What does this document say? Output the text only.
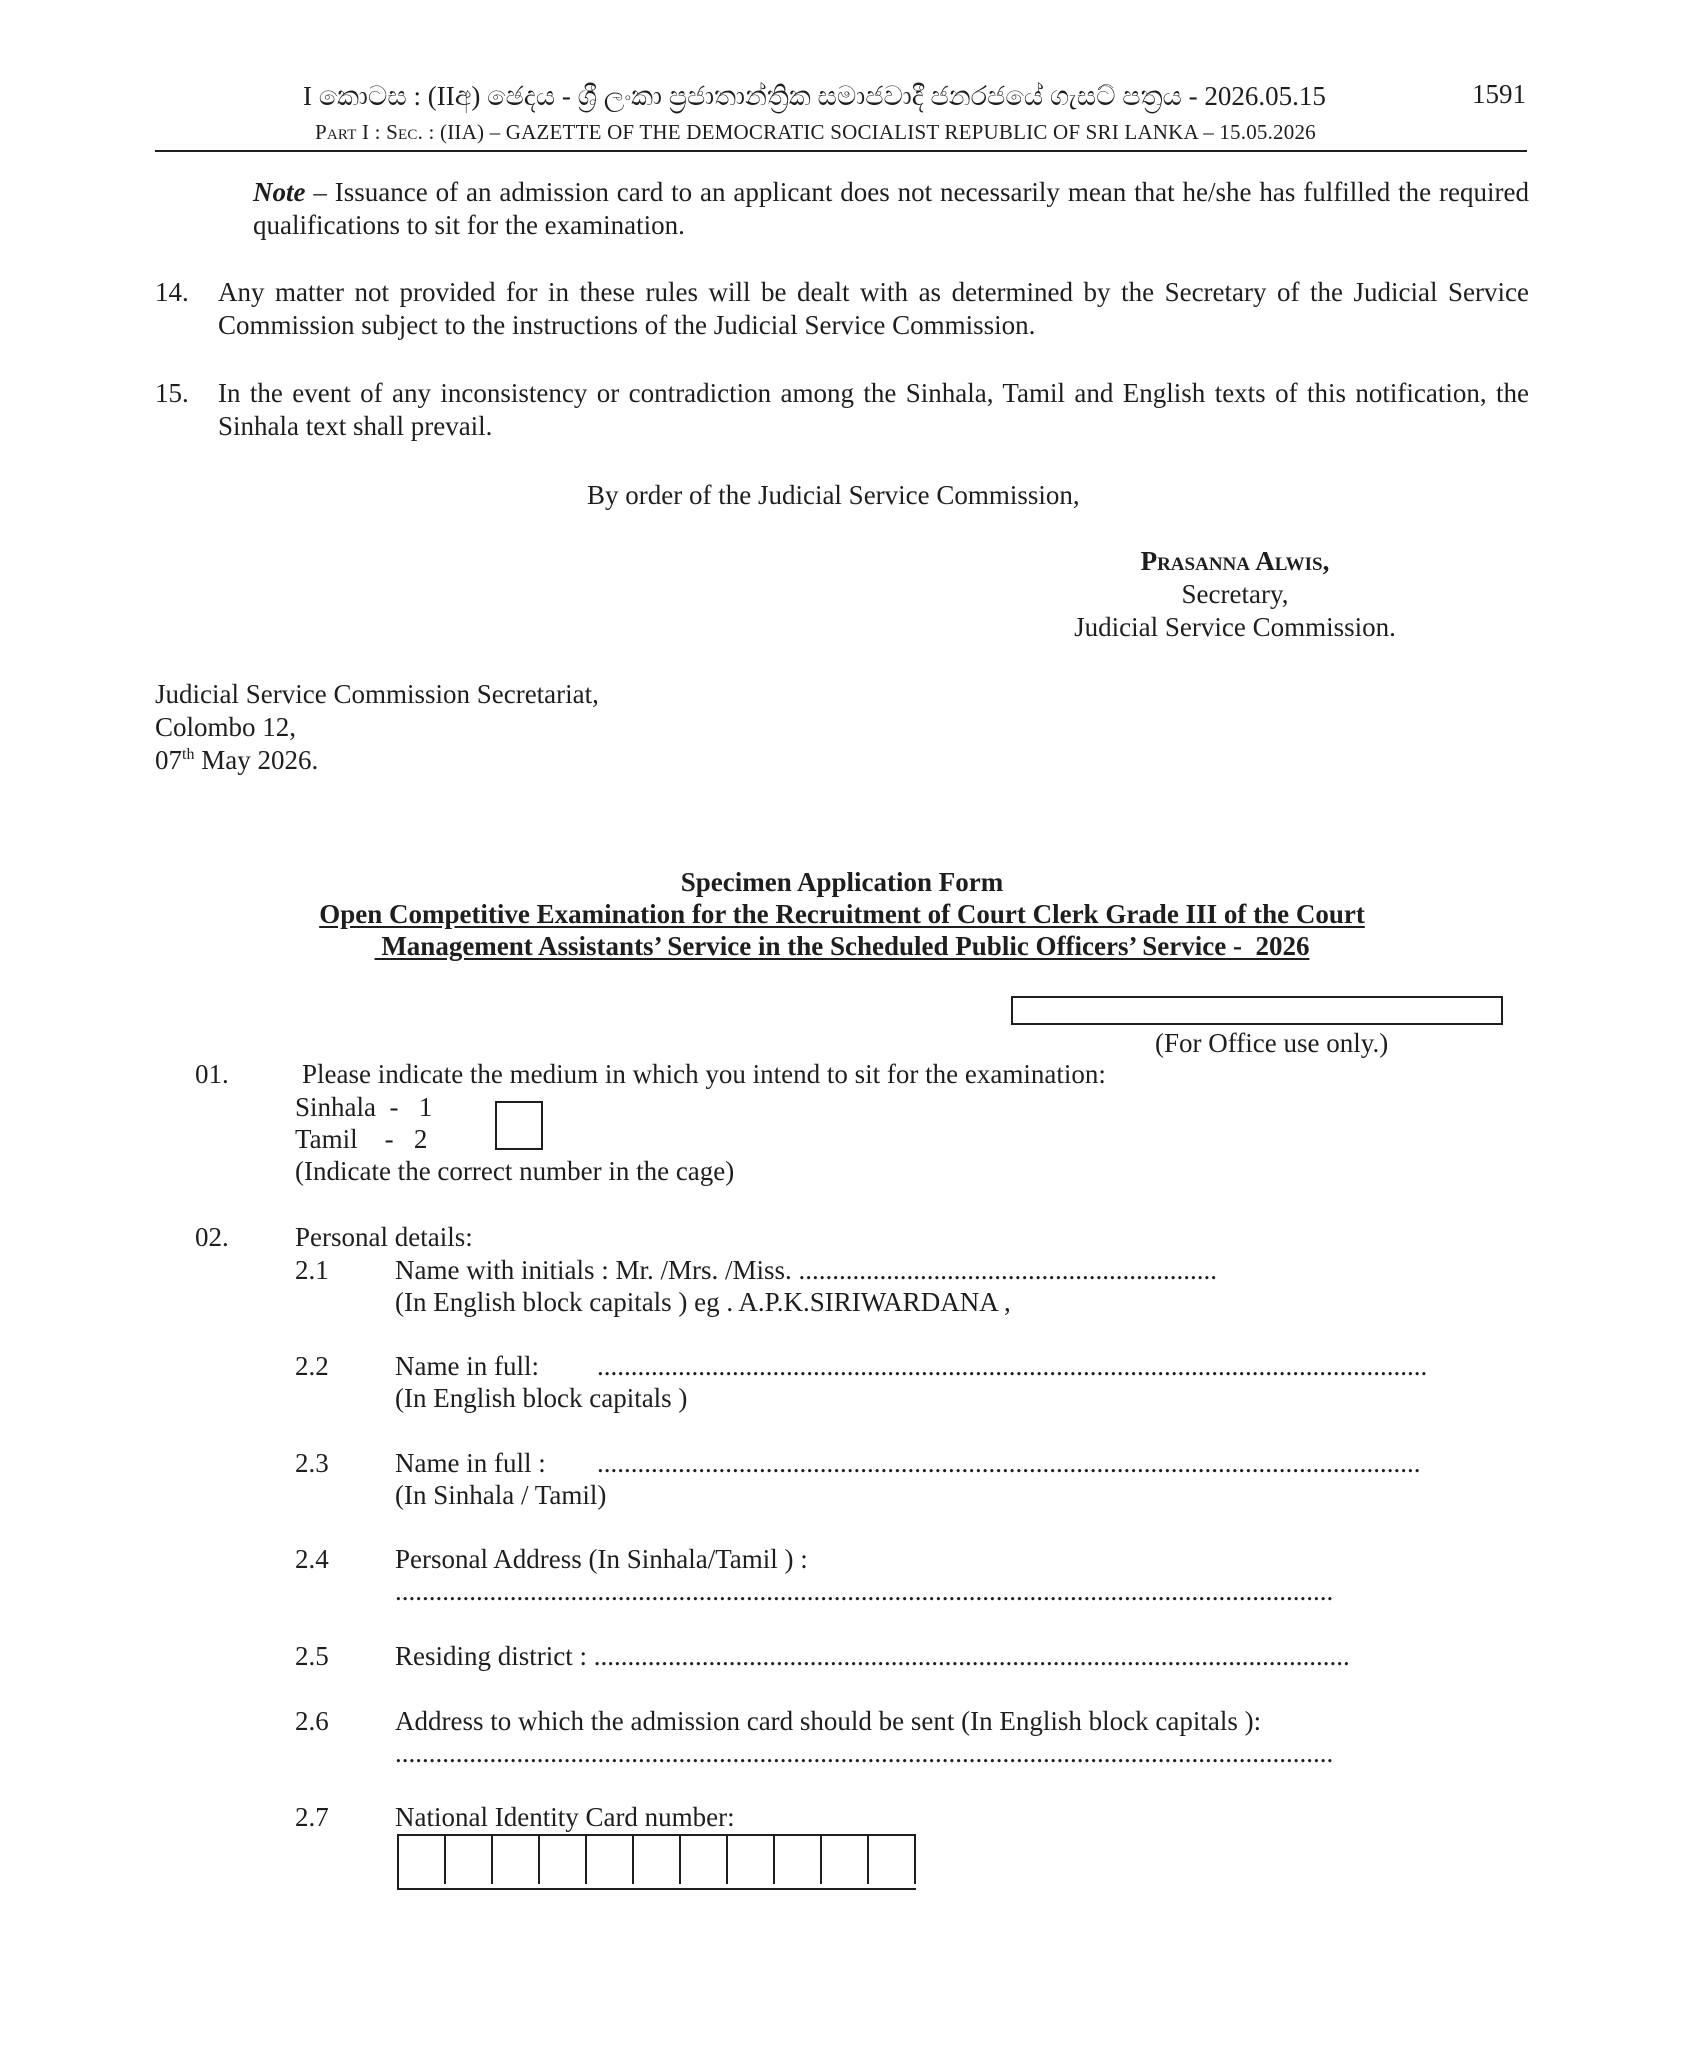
I කොටස : (IIඅ) ඡෙදය - ශ්‍රී ලංකා ප්‍රජාතාන්ත්‍රික සමාජවාදී ජනරජයේ ගැසට් පත්‍රය - 2026.05.15	1591
Part I : Sec. : (IIA) – GAZETTE OF THE DEMOCRATIC SOCIALIST REPUBLIC OF SRI LANKA – 15.05.2026
Note – Issuance of an admission card to an applicant does not necessarily mean that he/she has fulfilled the required qualifications to sit for the examination.
14. Any matter not provided for in these rules will be dealt with as determined by the Secretary of the Judicial Service Commission subject to the instructions of the Judicial Service Commission.
15. In the event of any inconsistency or contradiction among the Sinhala, Tamil and English texts of this notification, the Sinhala text shall prevail.
By order of the Judicial Service Commission,
Prasanna Alwis,
Secretary,
Judicial Service Commission.
Judicial Service Commission Secretariat,
Colombo 12,
07th May 2026.
Specimen Application Form
Open Competitive Examination for the Recruitment of Court Clerk Grade III of the Court
Management Assistants’ Service in the Scheduled Public Officers’ Service -  2026
(For Office use only.)
01.	Please indicate the medium in which you intend to sit for the examination:
Sinhala  -   1
Tamil    -   2
(Indicate the correct number in the cage)
02. Personal details:
2.1 Name with initials : Mr. /Mrs. /Miss. ..............................................................
(In English block capitals ) eg . A.P.K.SIRIWARDANA ,
2.2 Name in full: ...........................................................................................................................
(In English block capitals )
2.3 Name in full : ..........................................................................................................................
(In Sinhala / Tamil)
2.4 Personal Address (In Sinhala/Tamil ) :
...........................................................................................................................................
2.5 Residing district : ................................................................................................................
2.6 Address to which the admission card should be sent (In English block capitals ):
...........................................................................................................................................
2.7 National Identity Card number:
